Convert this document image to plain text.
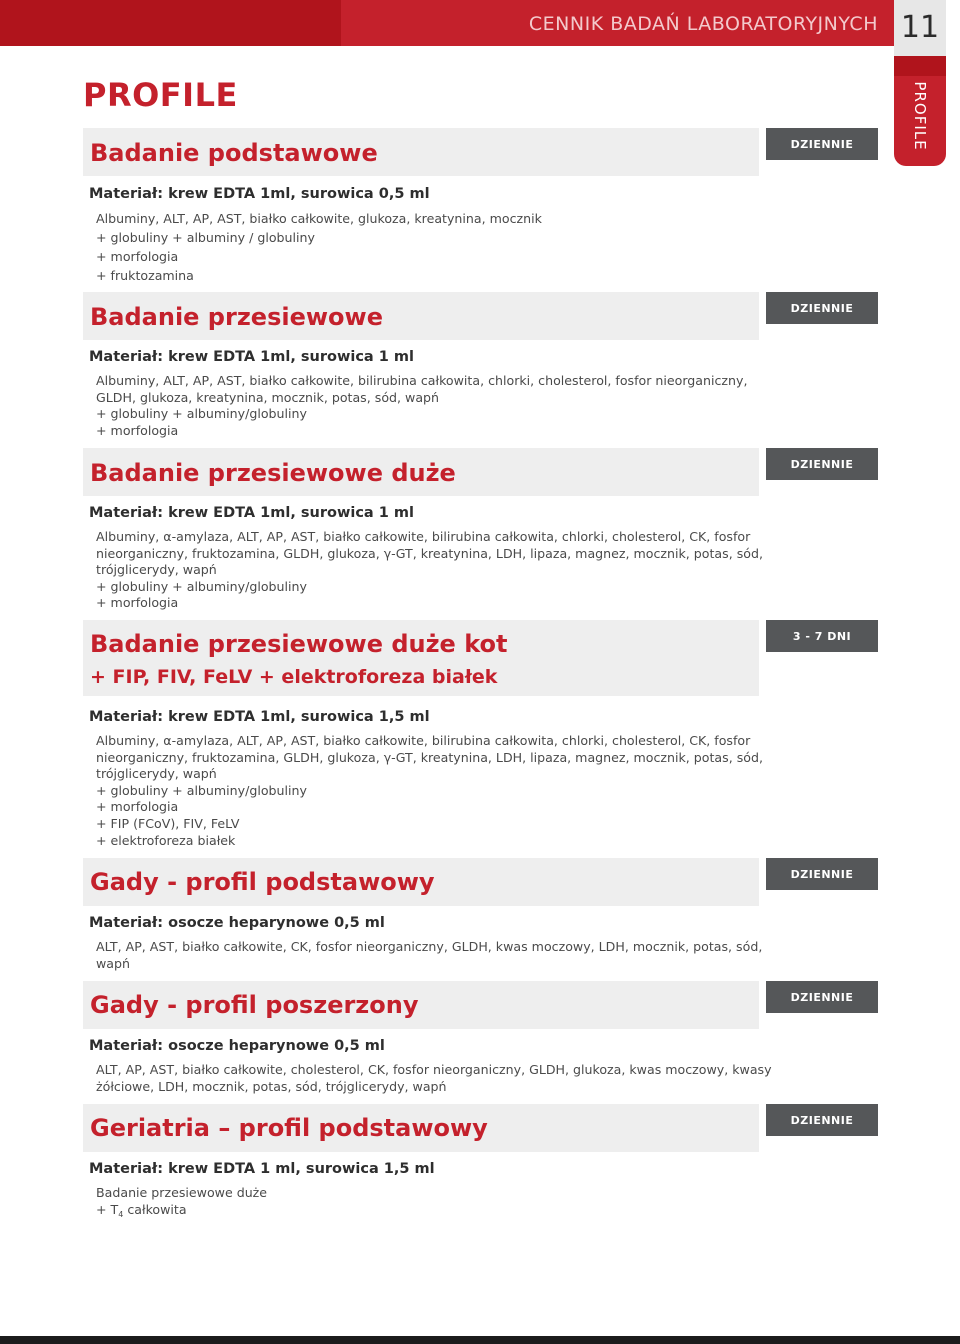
CENNIK BADAŃ LABORATORYJNYCH 11
PROFILE
PROFILE
Badanie podstawowe	DZIENNIE
Materiał: krew EDTA 1ml, surowica 0,5 ml
Albuminy, ALT, AP, AST, białko całkowite, glukoza, kreatynina, mocznik
+ globuliny + albuminy / globuliny
+ morfologia
+ fruktozamina
Badanie przesiewowe	DZIENNIE
Materiał: krew EDTA 1ml, surowica 1 ml
Albuminy, ALT, AP, AST, białko całkowite, bilirubina całkowita, chlorki, cholesterol, fosfor nieorganiczny,
GLDH, glukoza, kreatynina, mocznik, potas, sód, wapń
+ globuliny + albuminy/globuliny
+ morfologia
Badanie przesiewowe duże	DZIENNIE
Materiał: krew EDTA 1ml, surowica 1 ml
Albuminy, α-amylaza, ALT, AP, AST, białko całkowite, bilirubina całkowita, chlorki, cholesterol, CK, fosfor
nieorganiczny, fruktozamina, GLDH, glukoza, γ-GT, kreatynina, LDH, lipaza, magnez, mocznik, potas, sód,
trójglicerydy, wapń
+ globuliny + albuminy/globuliny
+ morfologia
Badanie przesiewowe duże kot
+ FIP, FIV, FeLV + elektroforeza białek
3 - 7 DNI
Materiał: krew EDTA 1ml, surowica 1,5 ml
Albuminy, α-amylaza, ALT, AP, AST, białko całkowite, bilirubina całkowita, chlorki, cholesterol, CK, fosfor
nieorganiczny, fruktozamina, GLDH, glukoza, γ-GT, kreatynina, LDH, lipaza, magnez, mocznik, potas, sód,
trójglicerydy, wapń
+ globuliny + albuminy/globuliny
+ morfologia
+ FIP (FCoV), FIV, FeLV
+ elektroforeza białek
Gady - profil podstawowy	DZIENNIE
Materiał: osocze heparynowe 0,5 ml
ALT, AP, AST, białko całkowite, CK, fosfor nieorganiczny, GLDH, kwas moczowy, LDH, mocznik, potas, sód,
wapń
Gady - profil poszerzony	DZIENNIE
Materiał: osocze heparynowe 0,5 ml
ALT, AP, AST, białko całkowite, cholesterol, CK, fosfor nieorganiczny, GLDH, glukoza, kwas moczowy, kwasy
żółciowe, LDH, mocznik, potas, sód, trójglicerydy, wapń
Geriatria – profil podstawowy	DZIENNIE
Materiał: krew EDTA 1 ml, surowica 1,5 ml
Badanie przesiewowe duże
+ $T_4$ całkowita
